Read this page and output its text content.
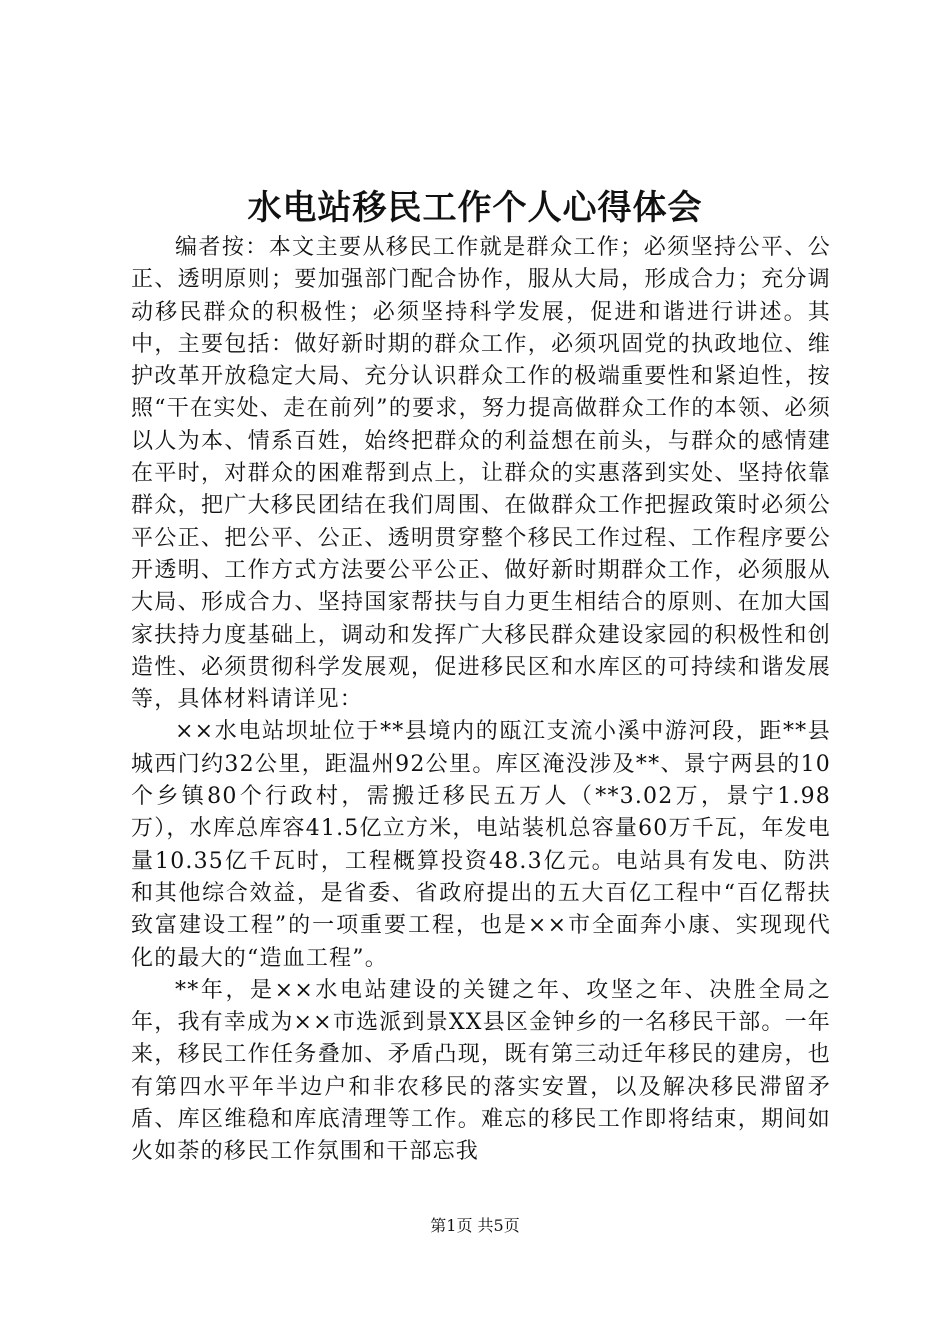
水电站移民工作个人心得体会

编者按：本文主要从移民工作就是群众工作；必须坚持公平、公正、透明原则；要加强部门配合协作，服从大局，形成合力；充分调动移民群众的积极性；必须坚持科学发展，促进和谐进行讲述。其中，主要包括：做好新时期的群众工作，必须巩固党的执政地位、维护改革开放稳定大局、充分认识群众工作的极端重要性和紧迫性，按照“干在实处、走在前列”的要求，努力提高做群众工作的本领、必须以人为本、情系百姓，始终把群众的利益想在前头，与群众的感情建在平时，对群众的困难帮到点上，让群众的实惠落到实处、坚持依靠群众，把广大移民团结在我们周围、在做群众工作把握政策时必须公平公正、把公平、公正、透明贯穿整个移民工作过程、工作程序要公开透明、工作方式方法要公平公正、做好新时期群众工作，必须服从大局、形成合力、坚持国家帮扶与自力更生相结合的原则、在加大国家扶持力度基础上，调动和发挥广大移民群众建设家园的积极性和创造性、必须贯彻科学发展观，促进移民区和水库区的可持续和谐发展等，具体材料请详见：

××水电站坝址位于**县境内的瓯江支流小溪中游河段，距**县城西门约32公里，距温州92公里。库区淹没涉及**、景宁两县的10个乡镇80个行政村，需搬迁移民五万人（**3.02万，景宁1.98万），水库总库容41.5亿立方米，电站装机总容量60万千瓦，年发电量10.35亿千瓦时，工程概算投资48.3亿元。电站具有发电、防洪和其他综合效益，是省委、省政府提出的五大百亿工程中“百亿帮扶致富建设工程”的一项重要工程，也是××市全面奔小康、实现现代化的最大的“造血工程”。

**年，是××水电站建设的关键之年、攻坚之年、决胜全局之年，我有幸成为××市选派到景XX县区金钟乡的一名移民干部。一年来，移民工作任务叠加、矛盾凸现，既有第三动迁年移民的建房，也有第四水平年半边户和非农移民的落实安置，以及解决移民滞留矛盾、库区维稳和库底清理等工作。难忘的移民工作即将结束，期间如火如荼的移民工作氛围和干部忘我

第1页 共5页
